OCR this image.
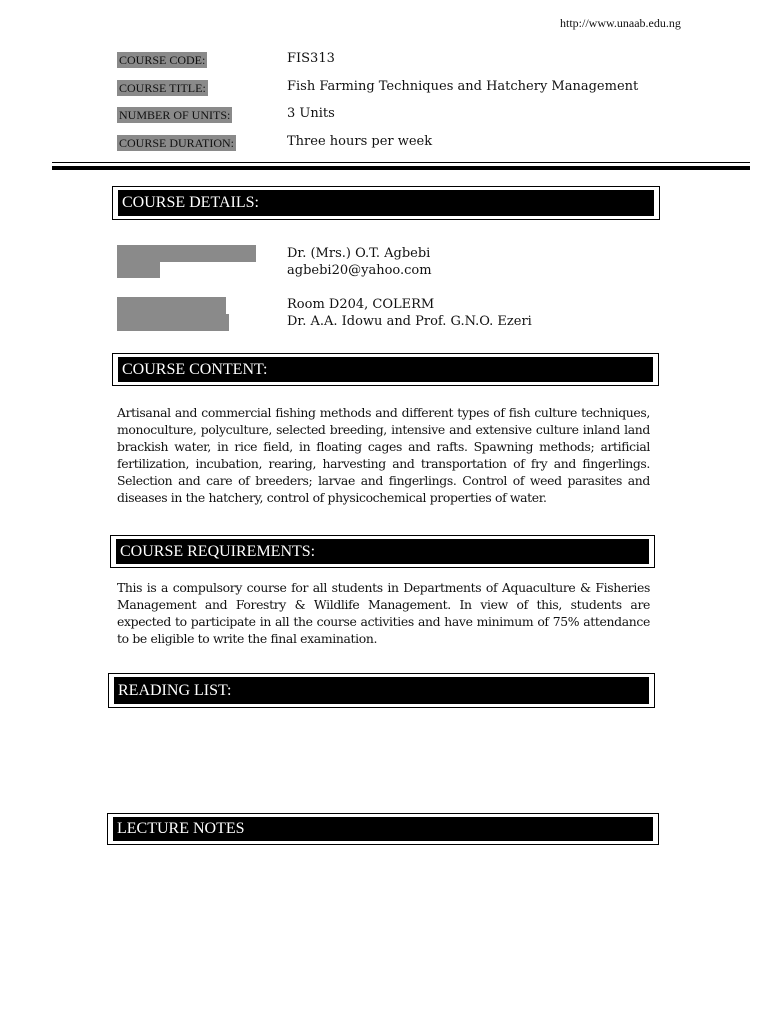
http://www.unaab.edu.ng
COURSE CODE:	FIS313
COURSE TITLE:	Fish Farming Techniques and Hatchery Management
NUMBER OF UNITS:	3 Units
COURSE DURATION:	Three hours per week
COURSE DETAILS:
Dr. (Mrs.) O.T. Agbebi
agbebi20@yahoo.com
Room D204, COLERM
Dr. A.A. Idowu and Prof. G.N.O. Ezeri
COURSE CONTENT:
Artisanal and commercial fishing methods and different types of fish culture techniques, monoculture, polyculture, selected breeding, intensive and extensive culture inland land brackish water, in rice field, in floating cages and rafts. Spawning methods; artificial fertilization, incubation, rearing, harvesting and transportation of fry and fingerlings. Selection and care of breeders; larvae and fingerlings. Control of weed parasites and diseases in the hatchery, control of physicochemical properties of water.
COURSE REQUIREMENTS:
This is a compulsory course for all students in Departments of Aquaculture & Fisheries Management and Forestry & Wildlife Management. In view of this, students are expected to participate in all the course activities and have minimum of 75% attendance to be eligible to write the final examination.
READING LIST:
LECTURE NOTES
